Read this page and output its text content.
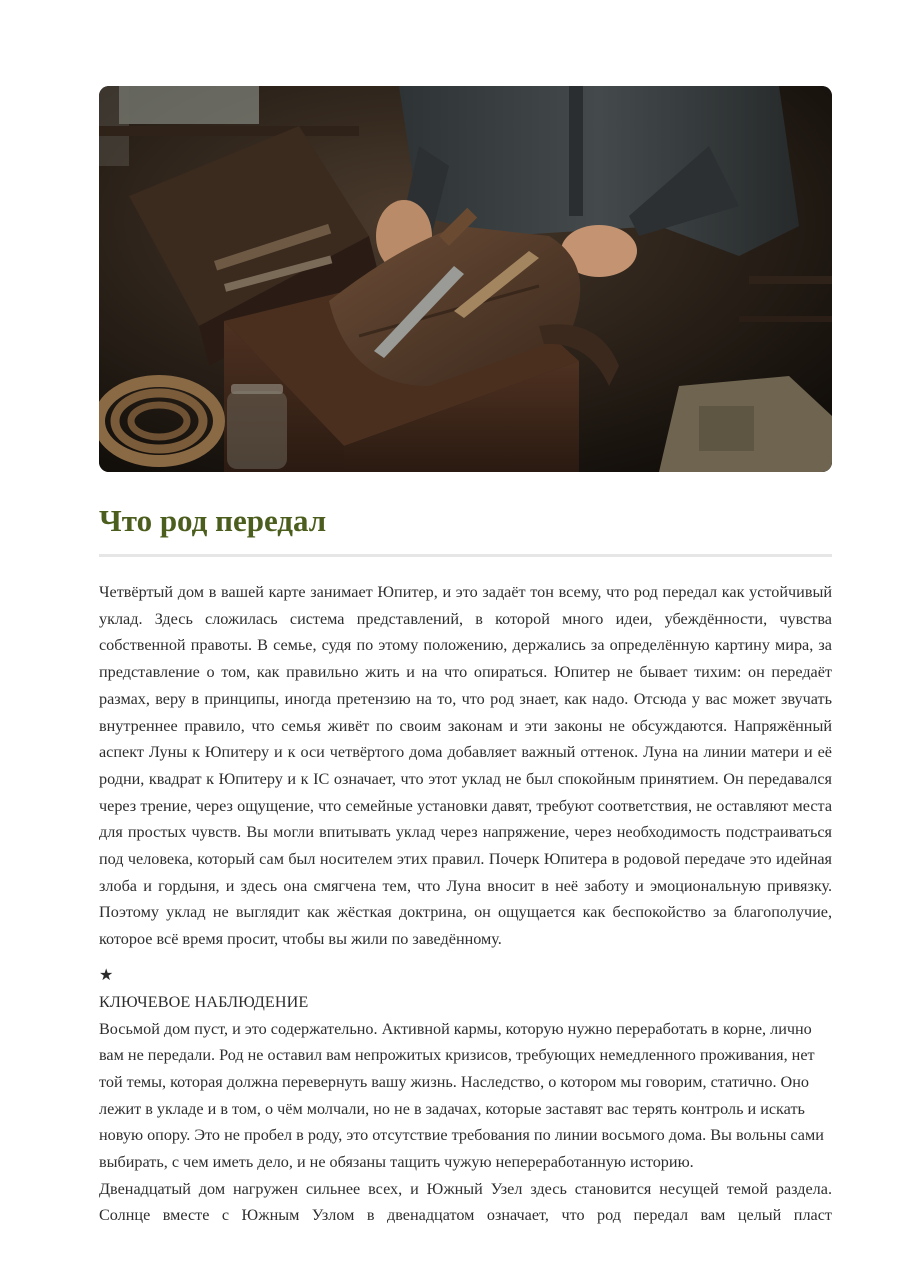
Что род передал
Четвёртый дом в вашей карте занимает Юпитер, и это задаёт тон всему, что род передал как устойчивый уклад. Здесь сложилась система представлений, в которой много идеи, убеждённости, чувства собственной правоты. В семье, судя по этому положению, держались за определённую картину мира, за представление о том, как правильно жить и на что опираться. Юпитер не бывает тихим: он передаёт размах, веру в принципы, иногда претензию на то, что род знает, как надо. Отсюда у вас может звучать внутреннее правило, что семья живёт по своим законам и эти законы не обсуждаются. Напряжённый аспект Луны к Юпитеру и к оси четвёртого дома добавляет важный оттенок. Луна на линии матери и её родни, квадрат к Юпитеру и к IC означает, что этот уклад не был спокойным принятием. Он передавался через трение, через ощущение, что семейные установки давят, требуют соответствия, не оставляют места для простых чувств. Вы могли впитывать уклад через напряжение, через необходимость подстраиваться под человека, который сам был носителем этих правил. Почерк Юпитера в родовой передаче это идейная злоба и гордыня, и здесь она смягчена тем, что Луна вносит в неё заботу и эмоциональную привязку. Поэтому уклад не выглядит как жёсткая доктрина, он ощущается как беспокойство за благополучие, которое всё время просит, чтобы вы жили по заведённому.
★
КЛЮЧЕВОЕ НАБЛЮДЕНИЕ
Восьмой дом пуст, и это содержательно. Активной кармы, которую нужно переработать в корне, лично вам не передали. Род не оставил вам непрожитых кризисов, требующих немедленного проживания, нет той темы, которая должна перевернуть вашу жизнь. Наследство, о котором мы говорим, статично. Оно лежит в укладе и в том, о чём молчали, но не в задачах, которые заставят вас терять контроль и искать новую опору. Это не пробел в роду, это отсутствие требования по линии восьмого дома. Вы вольны сами выбирать, с чем иметь дело, и не обязаны тащить чужую непереработанную историю.
Двенадцатый дом нагружен сильнее всех, и Южный Узел здесь становится несущей темой раздела. Солнце вместе с Южным Узлом в двенадцатом означает, что род передал вам целый пласт
